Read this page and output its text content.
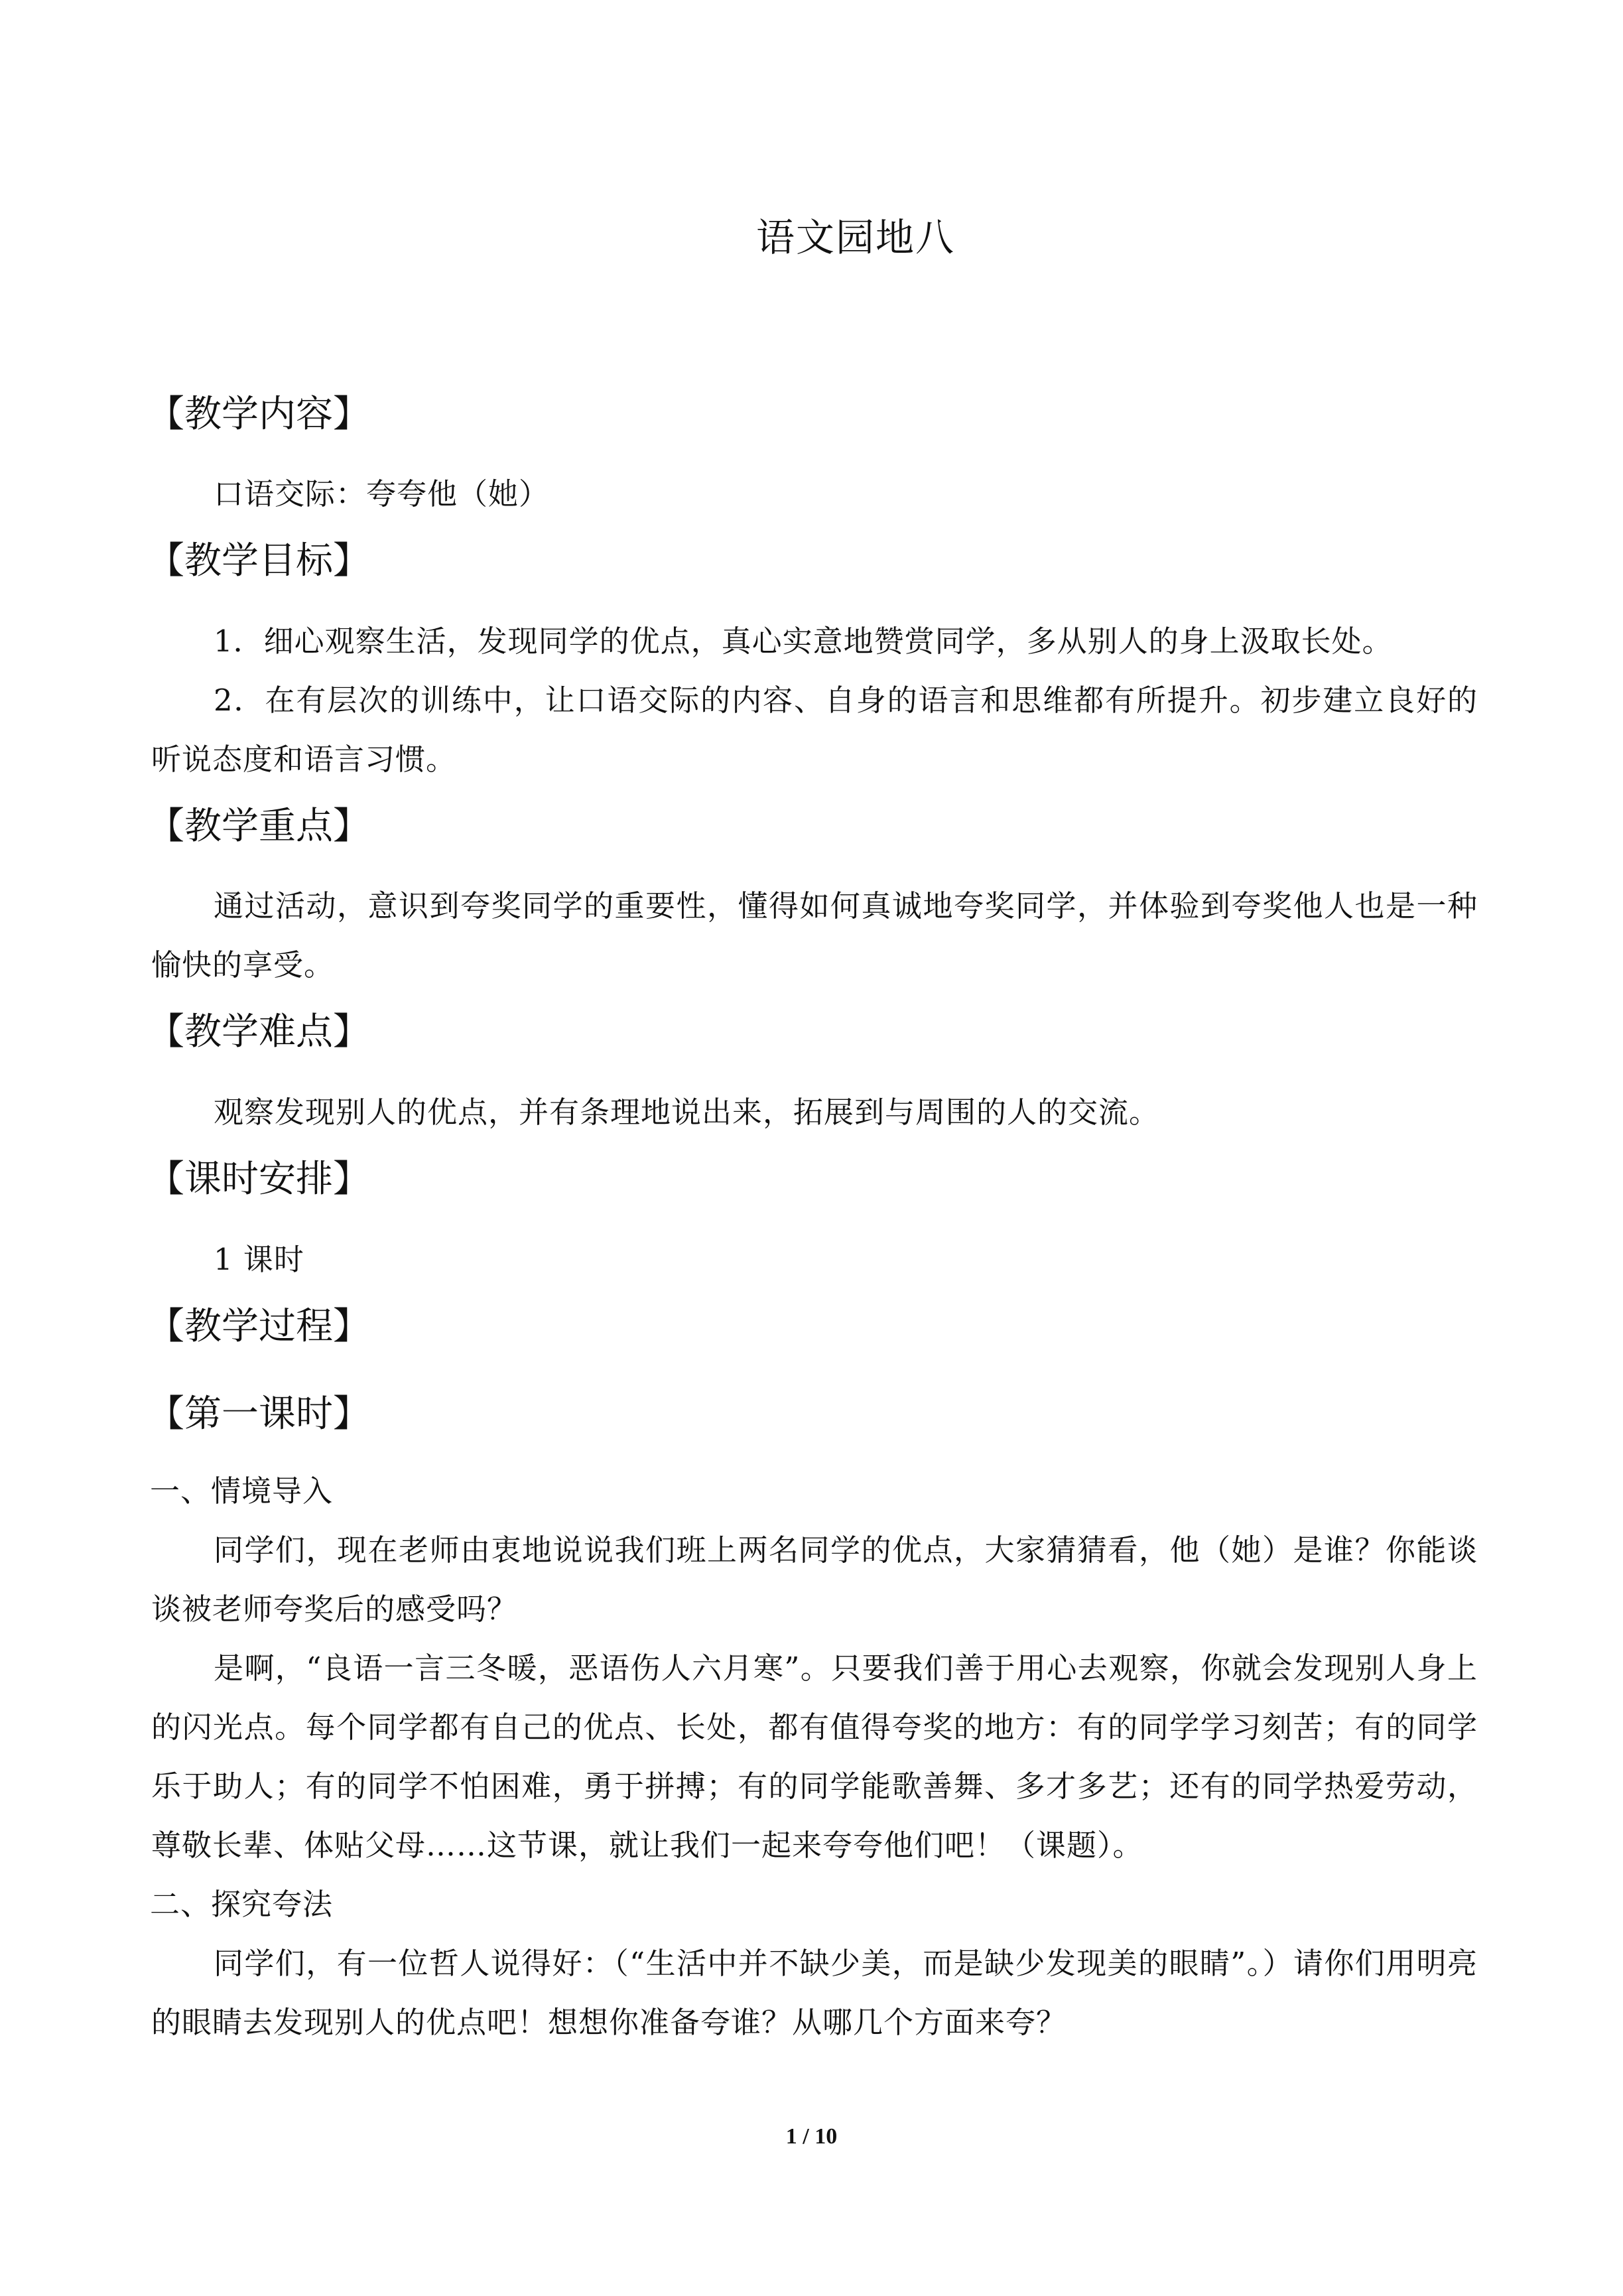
语文园地八
【教学内容】
口语交际：夸夸他（她）
【教学目标】
1．细心观察生活，发现同学的优点，真心实意地赞赏同学，多从别人的身上汲取长处。
2．在有层次的训练中，让口语交际的内容、自身的语言和思维都有所提升。初步建立良好的听说态度和语言习惯。
【教学重点】
通过活动，意识到夸奖同学的重要性，懂得如何真诚地夸奖同学，并体验到夸奖他人也是一种愉快的享受。
【教学难点】
观察发现别人的优点，并有条理地说出来，拓展到与周围的人的交流。
【课时安排】
1 课时
【教学过程】
【第一课时】
一、情境导入
同学们，现在老师由衷地说说我们班上两名同学的优点，大家猜猜看，他（她）是谁？你能谈谈被老师夸奖后的感受吗？
是啊，“良语一言三冬暖，恶语伤人六月寒”。只要我们善于用心去观察，你就会发现别人身上的闪光点。每个同学都有自己的优点、长处，都有值得夸奖的地方：有的同学学习刻苦；有的同学乐于助人；有的同学不怕困难，勇于拼搏；有的同学能歌善舞、多才多艺；还有的同学热爱劳动，尊敬长辈、体贴父母……这节课，就让我们一起来夸夸他们吧！（课题）。
二、探究夸法
同学们，有一位哲人说得好：（“生活中并不缺少美，而是缺少发现美的眼睛”。）请你们用明亮的眼睛去发现别人的优点吧！想想你准备夸谁？从哪几个方面来夸？
1 / 10
